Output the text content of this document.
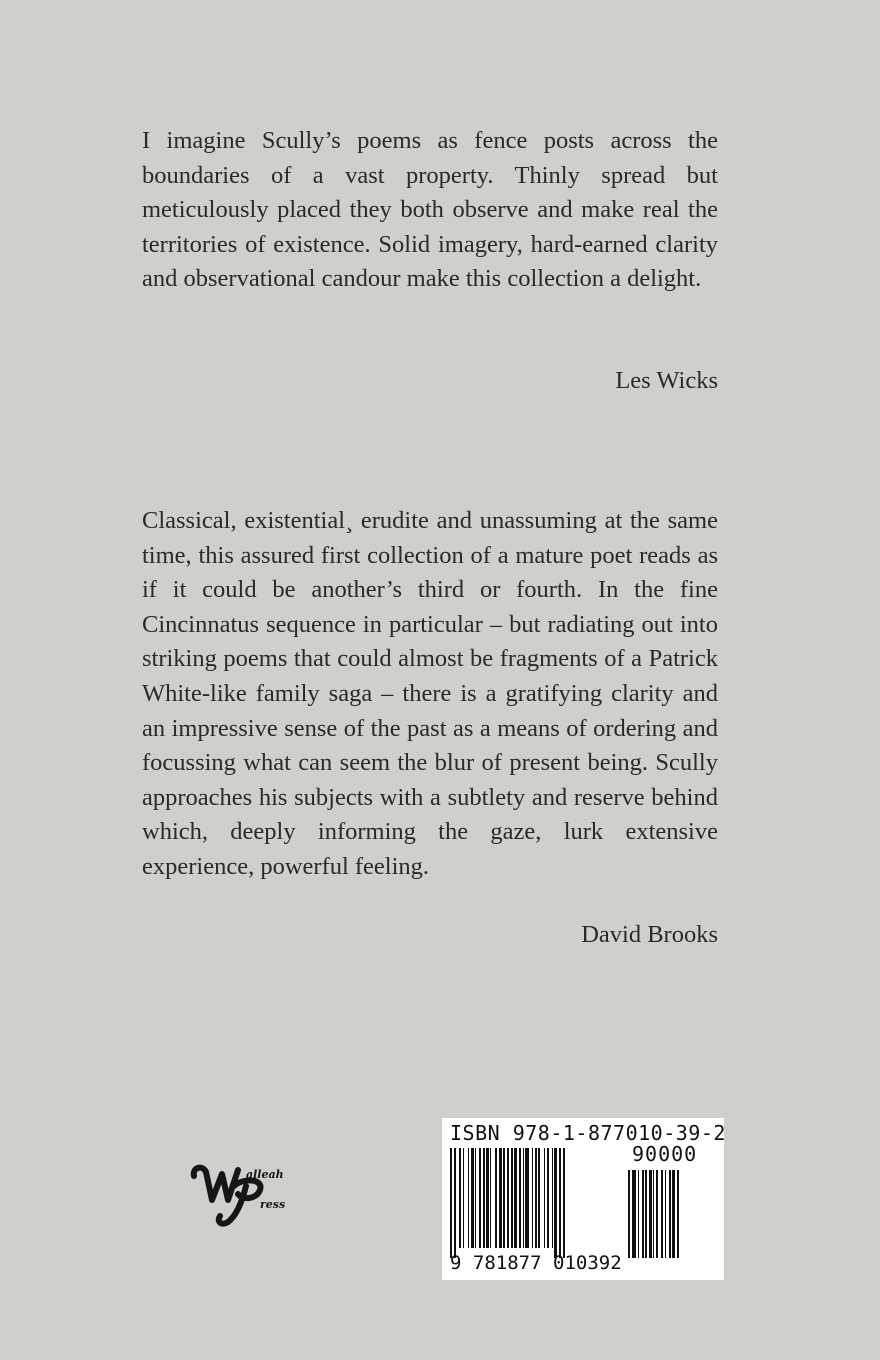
I imagine Scully’s poems as fence posts across the boundaries of a vast property. Thinly spread but meticulously placed they both observe and make real the territories of existence. Solid imagery, hard-earned clarity and observational candour make this collection a delight.

Les Wicks

Classical, existential¸ erudite and unassuming at the same time, this assured first collection of a mature poet reads as if it could be another’s third or fourth. In the fine Cincinnatus sequence in particular – but radiating out into striking poems that could almost be fragments of a Patrick White-like family saga – there is a gratifying clarity and an impressive sense of the past as a means of ordering and focussing what can seem the blur of present being. Scully approaches his subjects with a subtlety and reserve behind which, deeply informing the gaze, lurk extensive experience, powerful feeling.

David Brooks

alleah
ress
ISBN 978-1-877010-39-2
90000
9 781877 010392
